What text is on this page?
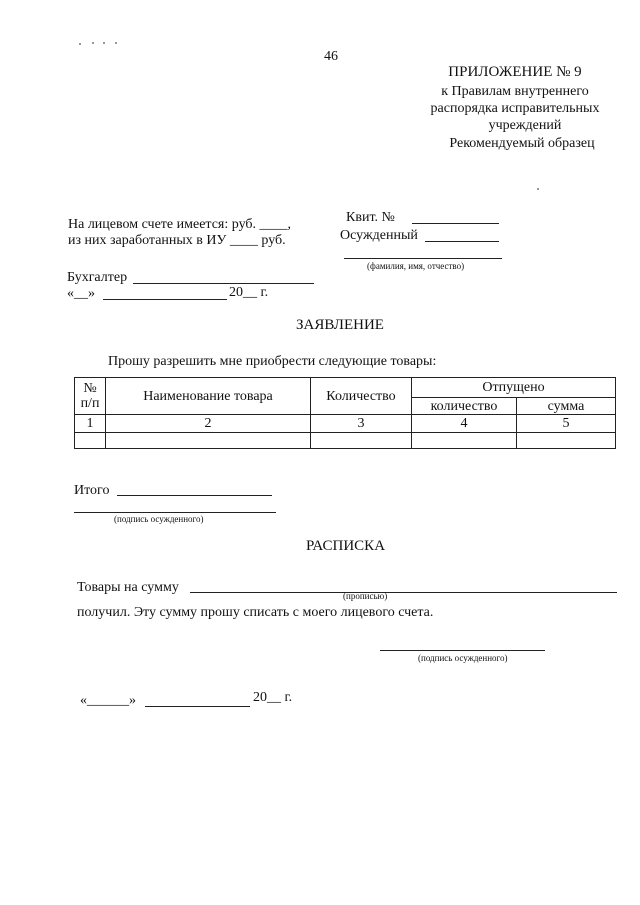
46
ПРИЛОЖЕНИЕ № 9
к Правилам внутреннего
распорядка исправительных
учреждений
Рекомендуемый образец
На лицевом счете имеется: руб. ____,
из них заработанных в ИУ ____ руб.
Квит. №
Осужденный
(фамилия, имя, отчество)
Бухгалтер
«__»	20__ г.
ЗАЯВЛЕНИЕ
Прошу разрешить мне приобрести следующие товары:
№
п/п	Наименование товара	Количество	Отпущено	
			количество	сумма
1	2	3	4	5

Итого
(подпись осужденного)
РАСПИСКА
Товары на сумму
(прописью)
получил. Эту сумму прошу списать с моего лицевого счета.
(подпись осужденного)
«______»	20__ г.
